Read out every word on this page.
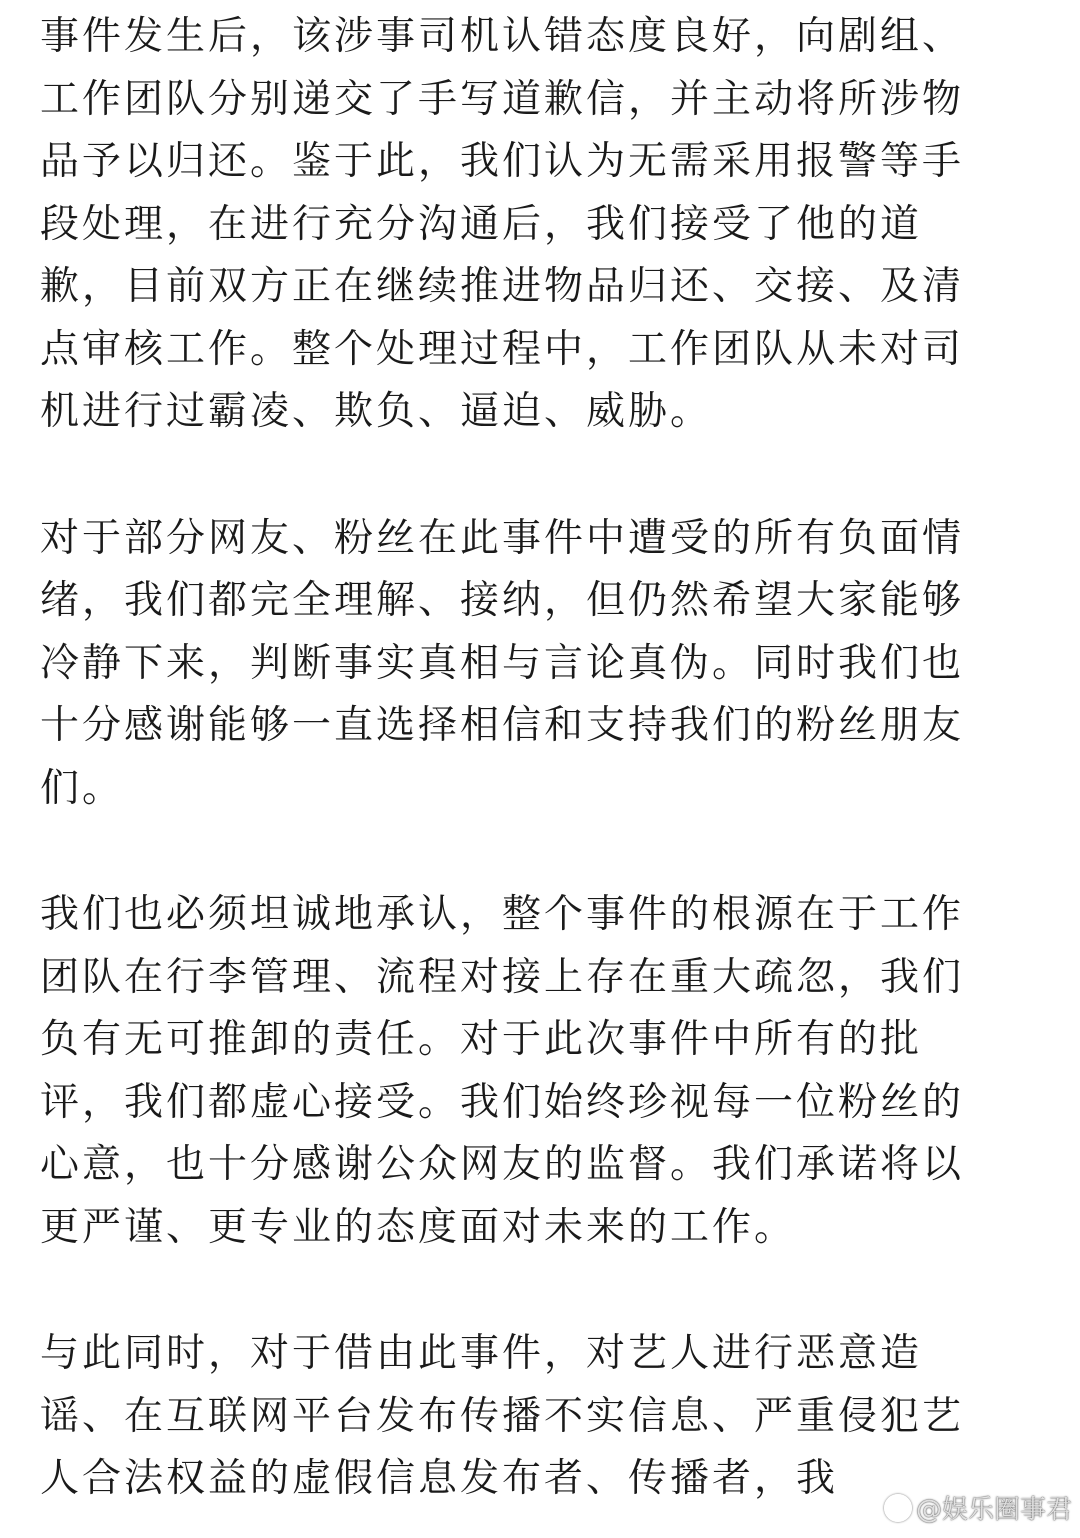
事件发生后，该涉事司机认错态度良好，向剧组、
工作团队分别递交了手写道歉信，并主动将所涉物
品予以归还。鉴于此，我们认为无需采用报警等手
段处理，在进行充分沟通后，我们接受了他的道
歉，目前双方正在继续推进物品归还、交接、及清
点审核工作。整个处理过程中，工作团队从未对司
机进行过霸凌、欺负、逼迫、威胁。
对于部分网友、粉丝在此事件中遭受的所有负面情
绪，我们都完全理解、接纳，但仍然希望大家能够
冷静下来，判断事实真相与言论真伪。同时我们也
十分感谢能够一直选择相信和支持我们的粉丝朋友
们。
我们也必须坦诚地承认，整个事件的根源在于工作
团队在行李管理、流程对接上存在重大疏忽，我们
负有无可推卸的责任。对于此次事件中所有的批
评，我们都虚心接受。我们始终珍视每一位粉丝的
心意，也十分感谢公众网友的监督。我们承诺将以
更严谨、更专业的态度面对未来的工作。
与此同时，对于借由此事件，对艺人进行恶意造
谣、在互联网平台发布传播不实信息、严重侵犯艺
人合法权益的虚假信息发布者、传播者，我
@娱乐圈事君
